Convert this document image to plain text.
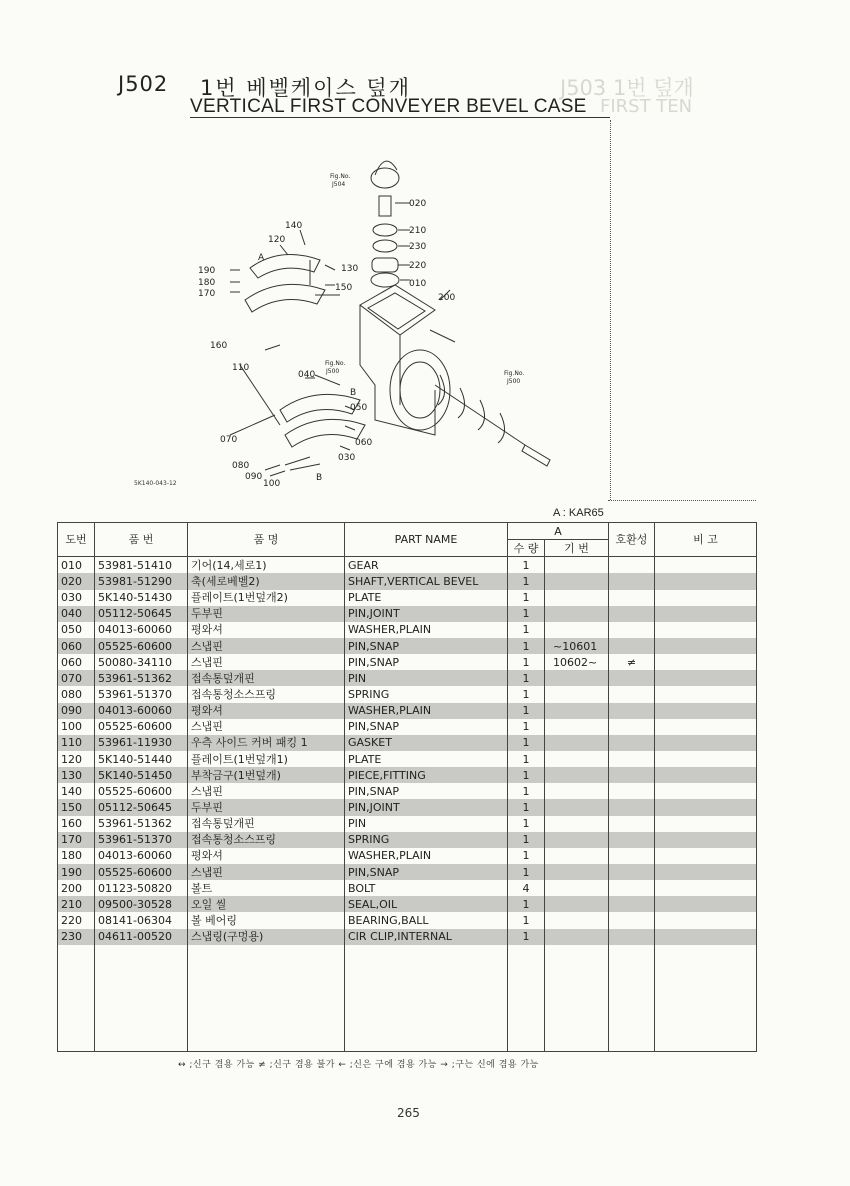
J503 1번 덮개
FIRST TEN
J502 1번 베벨케이스 덮개
VERTICAL FIRST CONVEYER BEVEL CASE
020
210
230
220
010
200
140
120
130
150
190
180
170
160
110
040
050
060
070
030
080
090
100
B
B
A
Fig.No.
J504
Fig.No.
J500	Fig.No.
J500
5K140-043-12
A : KAR65
도번	품 번	품 명	PART NAME	A		호환성	비 고
				수 량	기 번		
010	53981-51410	기어(14,세로1)	GEAR	1			
020	53981-51290	축(세로베벨2)	SHAFT,VERTICAL BEVEL	1			
030	5K140-51430	플레이트(1번덮개2)	PLATE	1			
040	05112-50645	두부핀	PIN,JOINT	1			
050	04013-60060	평와셔	WASHER,PLAIN	1			
060	05525-60600	스냅핀	PIN,SNAP	1	~10601		
060	50080-34110	스냅핀	PIN,SNAP	1	10602~	≠	
070	53961-51362	접속통덮개핀	PIN	1			
080	53961-51370	접속통청소스프링	SPRING	1			
090	04013-60060	평와셔	WASHER,PLAIN	1			
100	05525-60600	스냅핀	PIN,SNAP	1			
110	53961-11930	우측 사이드 커버 패킹 1	GASKET	1			
120	5K140-51440	플레이트(1번덮개1)	PLATE	1			
130	5K140-51450	부착금구(1번덮개)	PIECE,FITTING	1			
140	05525-60600	스냅핀	PIN,SNAP	1			
150	05112-50645	두부핀	PIN,JOINT	1			
160	53961-51362	접속통덮개핀	PIN	1			
170	53961-51370	접속통청소스프링	SPRING	1			
180	04013-60060	평와셔	WASHER,PLAIN	1			
190	05525-60600	스냅핀	PIN,SNAP	1			
200	01123-50820	볼트	BOLT	4			
210	09500-30528	오일 씰	SEAL,OIL	1			
220	08141-06304	볼 베어링	BEARING,BALL	1			
230	04611-00520	스냅링(구멍용)	CIR CLIP,INTERNAL	1			

↔ ;신구 겸용 가능 ≠ ;신구 겸용 불가 ← ;신은 구에 겸용 가능 → ;구는 신에 겸용 가능
265
